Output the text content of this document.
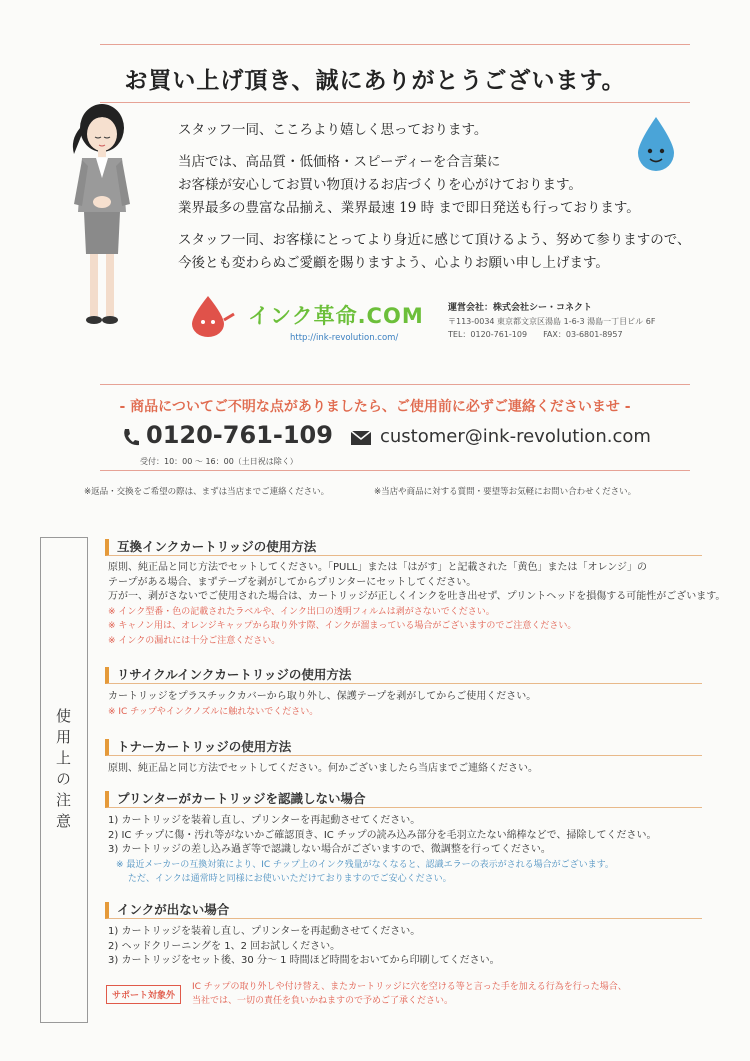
お買い上げ頂き、誠にありがとうございます。

スタッフ一同、こころより嬉しく思っております。

当店では、高品質・低価格・スピーディーを合言葉に

お客様が安心してお買い物頂けるお店づくりを心がけております。

業界最多の豊富な品揃え、業界最速 19 時 まで即日発送も行っております。

スタッフ一同、お客様にとってより身近に感じて頂けるよう、努めて参りますので、

今後とも変わらぬご愛顧を賜りますよう、心よりお願い申し上げます。

インク革命.COM
http://ink-revolution.com/
運営会社：株式会社シー・コネクト
〒113-0034 東京都文京区湯島 1-6-3 湯島一丁目ビル 6F
TEL：0120-761-109　　FAX：03-6801-8957
- 商品についてご不明な点がありましたら、ご使用前に必ずご連絡くださいませ -
0120-761-109	customer@ink-revolution.com
受付：10：00 〜 16：00（土日祝は除く）
※返品・交換をご希望の際は、まずは当店までご連絡ください。	※当店や商品に対する質問・要望等お気軽にお問い合わせください。
使用上の注意
互換インクカートリッジの使用方法
原則、純正品と同じ方法でセットしてください。「PULL」または「はがす」と記載された「黄色」または「オレンジ」の
テープがある場合、まずテープを剥がしてからプリンターにセットしてください。
万が一、剥がさないでご使用された場合は、カートリッジが正しくインクを吐き出せず、プリントヘッドを損傷する可能性がございます。
※ インク型番・色の記載されたラベルや、インク出口の透明フィルムは剥がさないでください。
※ キャノン用は、オレンジキャップから取り外す際、インクが溜まっている場合がございますのでご注意ください。
※ インクの漏れには十分ご注意ください。
リサイクルインクカートリッジの使用方法
カートリッジをプラスチックカバーから取り外し、保護テープを剥がしてからご使用ください。
※ IC チップやインクノズルに触れないでください。
トナーカートリッジの使用方法
原則、純正品と同じ方法でセットしてください。何かございましたら当店までご連絡ください。
プリンターがカートリッジを認識しない場合
1) カートリッジを装着し直し、プリンターを再起動させてください。
2) IC チップに傷・汚れ等がないかご確認頂き、IC チップの読み込み部分を毛羽立たない綿棒などで、掃除してください。
3) カートリッジの差し込み過ぎ等で認識しない場合がございますので、微調整を行ってください。
※ 最近メーカーの互換対策により、IC チップ上のインク残量がなくなると、認識エラーの表示がされる場合がございます。
　 ただ、インクは通常時と同様にお使いいただけておりますのでご安心ください。
インクが出ない場合
1) カートリッジを装着し直し、プリンターを再起動させてください。
2) ヘッドクリーニングを 1、2 回お試しください。
3) カートリッジをセット後、30 分〜 1 時間ほど時間をおいてから印刷してください。
サポート対象外
IC チップの取り外しや付け替え、またカートリッジに穴を空ける等と言った手を加える行為を行った場合、
当社では、一切の責任を負いかねますので予めご了承ください。
